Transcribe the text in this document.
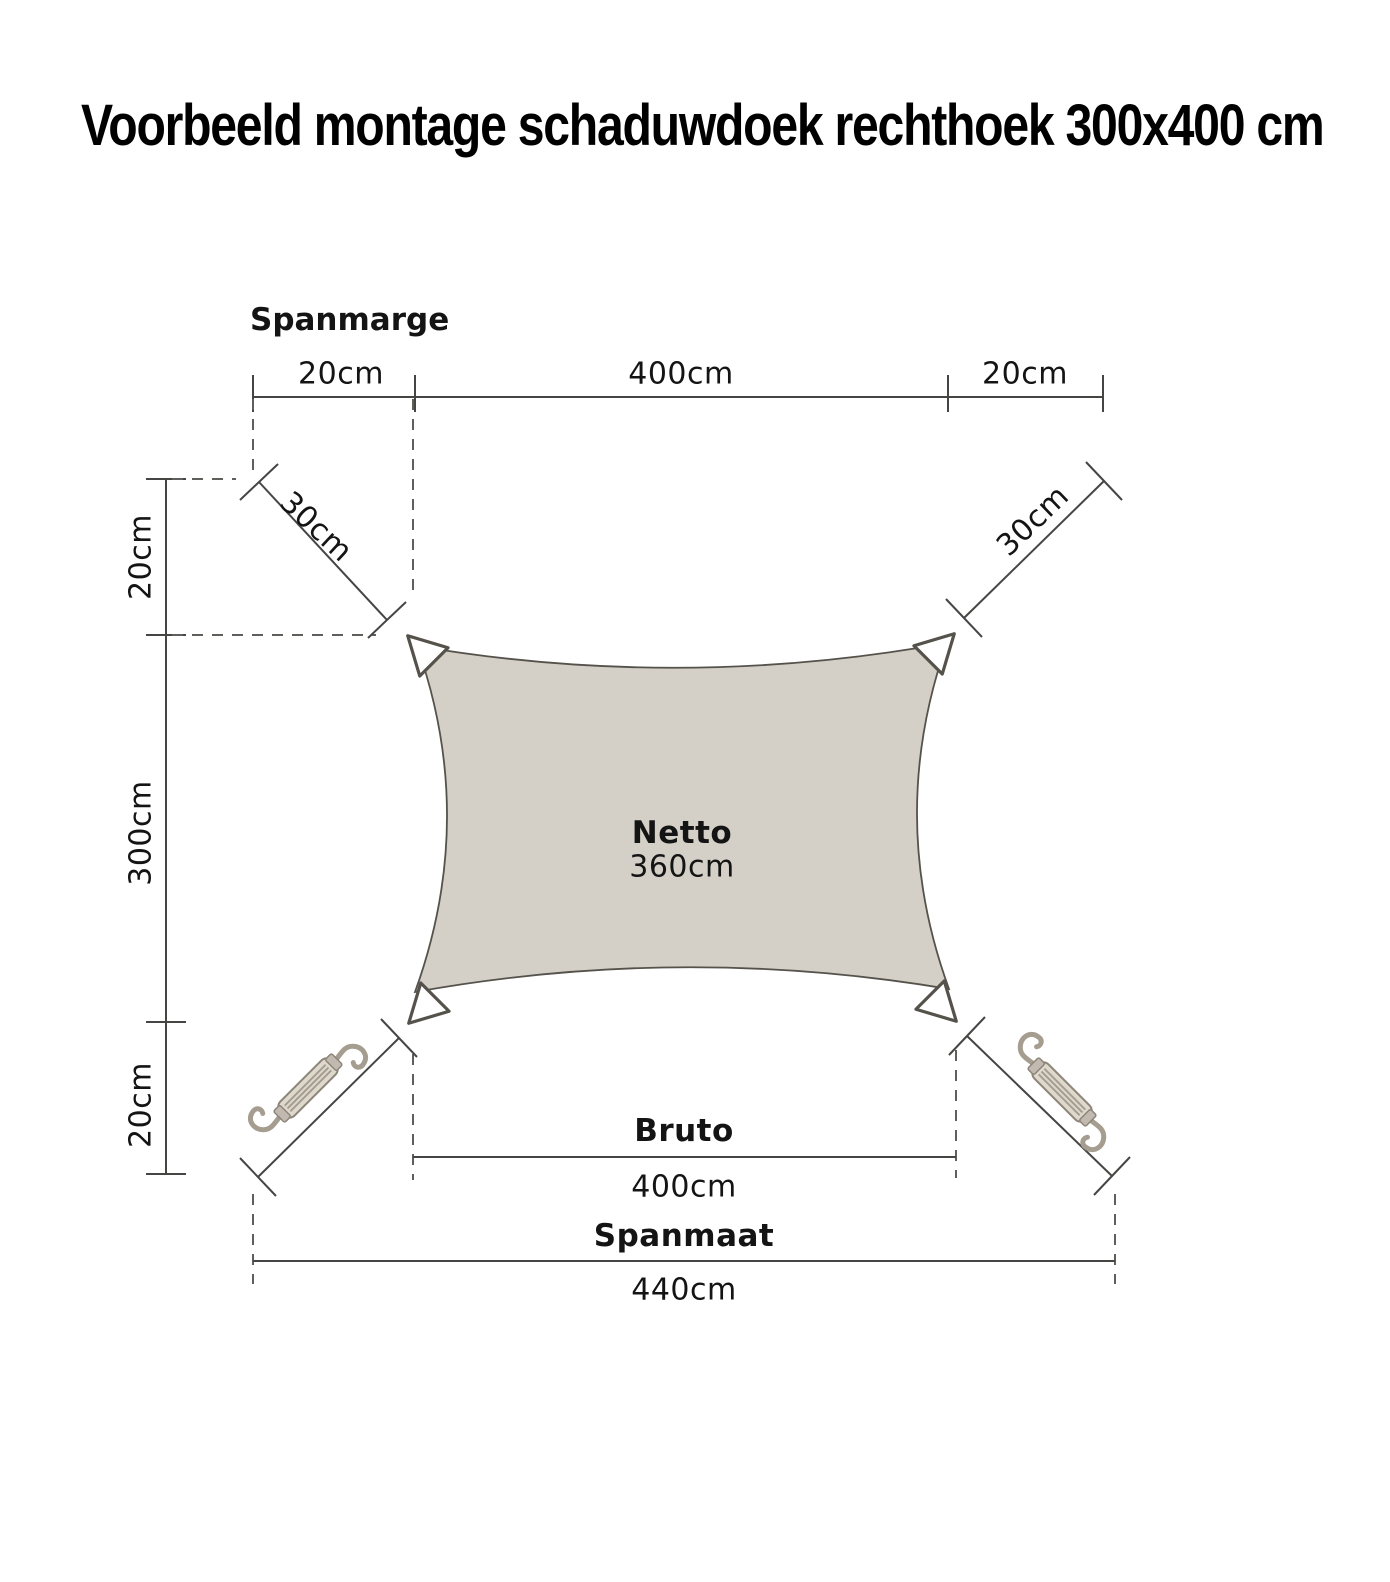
Voorbeeld montage schaduwdoek rechthoek 300x400 cm
Spanmarge
20cm	400cm	20cm
20cm
300cm
20cm
30cm	30cm
Netto
360cm
Bruto
400cm
Spanmaat
440cm
